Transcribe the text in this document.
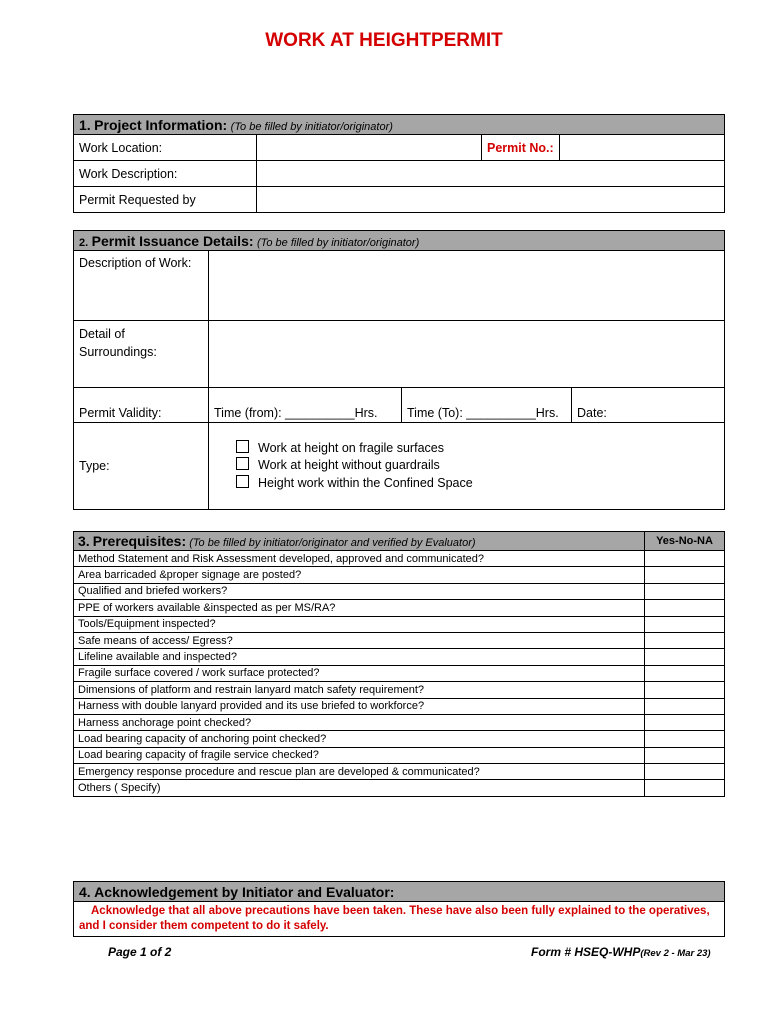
WORK AT HEIGHTPERMIT
1. Project Information: (To be filled by initiator/originator)			
Work Location:		Permit No.:	
Work Description:			
Permit Requested by			
2. Permit Issuance Details: (To be filled by initiator/originator)			
Description of Work:			

Detail of
Surroundings:			

Permit Validity:	Time (from): __________Hrs.	Time (To): __________Hrs.	Date:
Type:	Work at height on fragile surfaces
Work at height without guardrails
Height work within the Confined Space		
3. Prerequisites: (To be filled by initiator/originator and verified by Evaluator)	Yes-No-NA
Method Statement and Risk Assessment developed, approved and communicated?	
Area barricaded &proper signage are posted?	
Qualified and briefed workers?	
PPE of workers available &inspected as per MS/RA?	
Tools/Equipment inspected?	
Safe means of access/ Egress?	
Lifeline available and inspected?	
Fragile surface covered / work surface protected?	
Dimensions of platform and restrain lanyard match safety requirement?	
Harness with double lanyard provided and its use briefed to workforce?	
Harness anchorage point checked?	
Load bearing capacity of anchoring point checked?	
Load bearing capacity of fragile service checked?	
Emergency response procedure and rescue plan are developed & communicated?	
Others ( Specify)	
4. Acknowledgement by Initiator and Evaluator:
Acknowledge that all above precautions have been taken. These have also been fully explained to the operatives, and I consider them competent to do it safely.
Page 1 of 2	Form # HSEQ-WHP(Rev 2 - Mar 23)
